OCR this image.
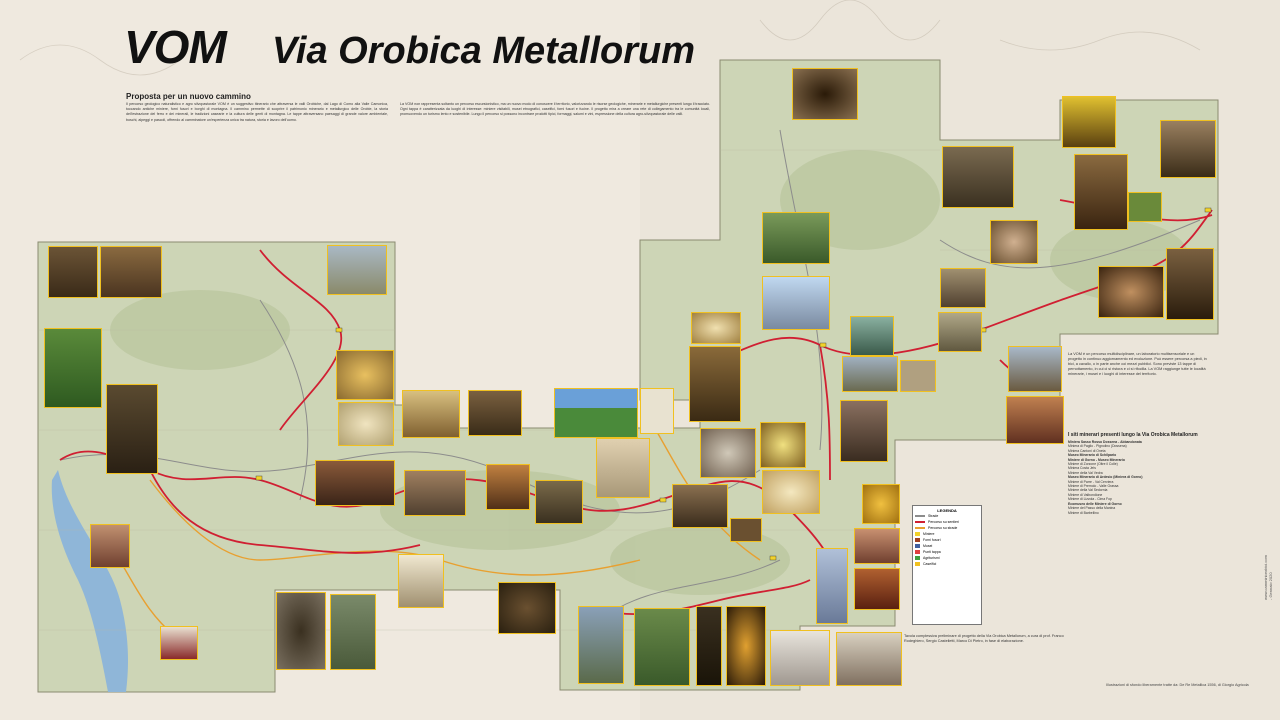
VOM Via Orobica Metallorum
Proposta per un nuovo cammino
Il percorso geologico naturalistico e agro silvopastorale VOM è un suggestivo itinerario che attraversa le valli Orobiche, dal Lago di Como alla Valle Camonica, toccando antiche miniere, forni fusori e borghi di montagna. Il cammino permette di scoprire il patrimonio minerario e metallurgico delle Orobie, la storia dell'estrazione del ferro e dei minerali, le tradizioni casearie e la cultura delle genti di montagna. Le tappe attraversano paesaggi di grande valore ambientale, boschi, alpeggi e pascoli, offrendo al camminatore un'esperienza unica tra natura, storia e lavoro dell'uomo.
La VOM non rappresenta soltanto un percorso escursionistico, ma un nuovo modo di conoscere il territorio, valorizzando le risorse geologiche, minerarie e metallurgiche presenti lungo il tracciato. Ogni tappa è caratterizzata da luoghi di interesse: miniere visitabili, musei etnografici, caseifici, forni fusori e fucine. Il progetto mira a creare una rete di collegamento tra le comunità locali, promuovendo un turismo lento e sostenibile. Lungo il percorso si possono incontrare prodotti tipici, formaggi, salumi e vini, espressione della cultura agro-silvopastorale delle valli.
LEGENDA
Strade
Percorso su sentieri
Percorso su strade
Miniere
Forni fusori
Musei
Punti tappa
Agriturismi
Caseifici
Tavola complessiva preliminare di progetto della Via Orobica Metallorum, a cura di prof. Franco Rodeghiero, Sergio Castelletti, Marco Di Pietro, in fase di elaborazione.
La VOM è un percorso multidisciplinare, un laboratorio multisensoriale e un progetto in continuo aggiornamento ed evoluzione. Può essere percorsa a piedi, in bici, a cavallo, o in parte anche coi mezzi pubblici. Sono previste 13 tappe di pernottamento, in cui ci si ristora e ci si rifocilla. La VOM raggiunge tutte le località minerarie, i musei e i luoghi di interesse del territorio.
I siti minerari presenti lungo la Via Orobica Metallorum
Miniera Sasso Rosso Dossena - Abbandonata
Miniera di Paglio - Pignolino (Dossena)
Miniera Cantoni di Oneta
Museo Minerario di Schilpario
Miniere di Gorno - Museo Minerario
Miniere di Zorzone (Oltre il Colle)
Miniera Costa Jels
Miniere della Val Vedra
Museo Minerario di Ardesio (Miniera di Gorno)
Miniere di Parre - Val Cerviera
Miniere di Premolo - Valle Grassa
Miniere della Val Sedornia
Miniere di Valbondione
Miniere di Lizzola - Cima Fop
Ecomuseo delle Miniere di Gorno
Miniere del Passo della Manina
Miniere di Barbellino
Illustrazioni di sfondo liberamente tratte da: De Re Metallica 1556, di Giorgio Agricola
www.camminiorobici.com - Gennaio 2020
